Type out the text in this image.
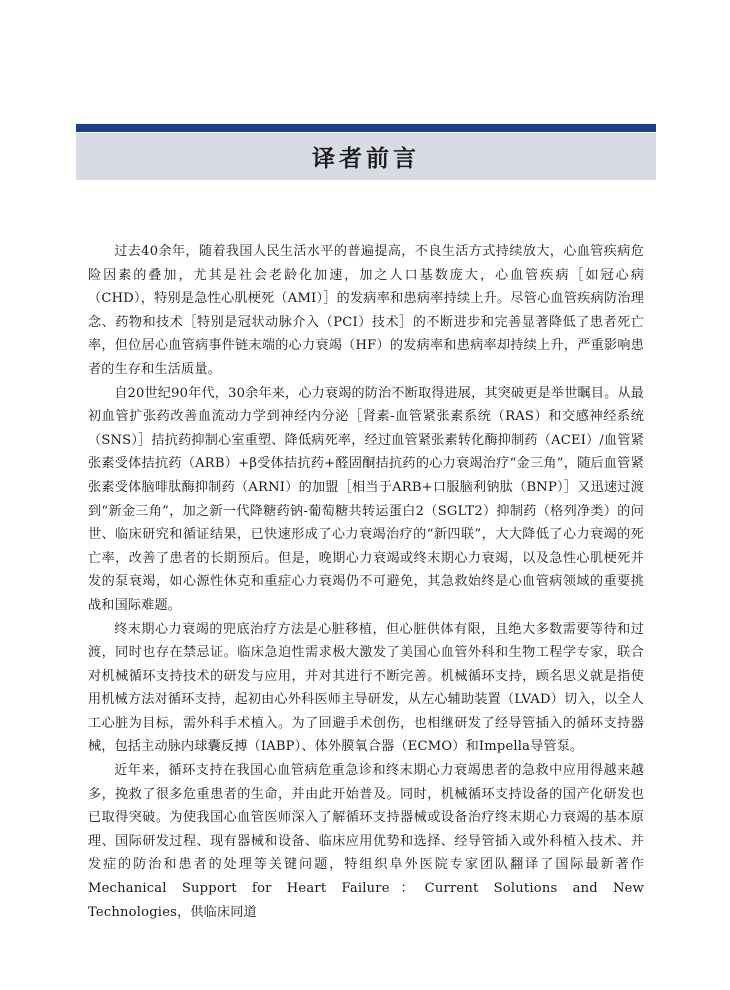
译者前言

过去40余年，随着我国人民生活水平的普遍提高，不良生活方式持续放大，心血管疾病危险因素的叠加，尤其是社会老龄化加速，加之人口基数庞大，心血管疾病［如冠心病（CHD），特别是急性心肌梗死（AMI）］的发病率和患病率持续上升。尽管心血管疾病防治理念、药物和技术［特别是冠状动脉介入（PCI）技术］的不断进步和完善显著降低了患者死亡率，但位居心血管病事件链末端的心力衰竭（HF）的发病率和患病率却持续上升，严重影响患者的生存和生活质量。

自20世纪90年代，30余年来，心力衰竭的防治不断取得进展，其突破更是举世瞩目。从最初血管扩张药改善血流动力学到神经内分泌［肾素-血管紧张素系统（RAS）和交感神经系统（SNS）］拮抗药抑制心室重塑、降低病死率，经过血管紧张素转化酶抑制药（ACEI）/血管紧张素受体拮抗药（ARB）+β受体拮抗药+醛固酮拮抗药的心力衰竭治疗“金三角”，随后血管紧张素受体脑啡肽酶抑制药（ARNI）的加盟［相当于ARB+口服脑利钠肽（BNP）］又迅速过渡到“新金三角”，加之新一代降糖药钠-葡萄糖共转运蛋白2（SGLT2）抑制药（格列净类）的问世、临床研究和循证结果，已快速形成了心力衰竭治疗的“新四联”，大大降低了心力衰竭的死亡率，改善了患者的长期预后。但是，晚期心力衰竭或终末期心力衰竭，以及急性心肌梗死并发的泵衰竭，如心源性休克和重症心力衰竭仍不可避免，其急救始终是心血管病领域的重要挑战和国际难题。

终末期心力衰竭的兜底治疗方法是心脏移植，但心脏供体有限，且绝大多数需要等待和过渡，同时也存在禁忌证。临床急迫性需求极大激发了美国心血管外科和生物工程学专家，联合对机械循环支持技术的研发与应用，并对其进行不断完善。机械循环支持，顾名思义就是指使用机械方法对循环支持，起初由心外科医师主导研发，从左心辅助装置（LVAD）切入，以全人工心脏为目标，需外科手术植入。为了回避手术创伤，也相继研发了经导管插入的循环支持器械，包括主动脉内球囊反搏（IABP）、体外膜氧合器（ECMO）和Impella导管泵。

近年来，循环支持在我国心血管病危重急诊和终末期心力衰竭患者的急救中应用得越来越多，挽救了很多危重患者的生命，并由此开始普及。同时，机械循环支持设备的国产化研发也已取得突破。为使我国心血管医师深入了解循环支持器械或设备治疗终末期心力衰竭的基本原理、国际研发过程、现有器械和设备、临床应用优势和选择、经导管插入或外科植入技术、并发症的防治和患者的处理等关键问题，特组织阜外医院专家团队翻译了国际最新著作Mechanical Support for Heart Failure：Current Solutions and New Technologies，供临床同道
